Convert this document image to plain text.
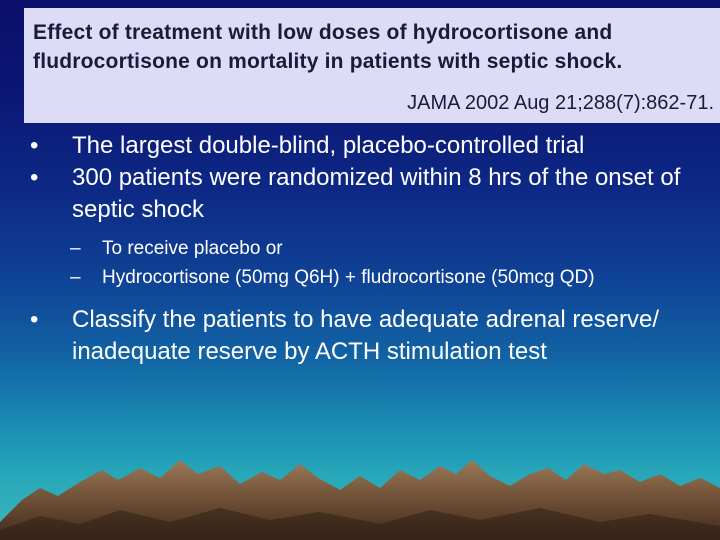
Effect of treatment with low doses of hydrocortisone and fludrocortisone on mortality in patients with septic shock.
JAMA 2002 Aug 21;288(7):862-71.
•	The largest double-blind, placebo-controlled trial
•	300 patients were randomized within 8 hrs of the onset of septic shock
–	To receive placebo or
–	Hydrocortisone (50mg Q6H) + fludrocortisone (50mcg QD)
•	Classify the patients to have adequate adrenal reserve/ inadequate reserve by ACTH stimulation test
